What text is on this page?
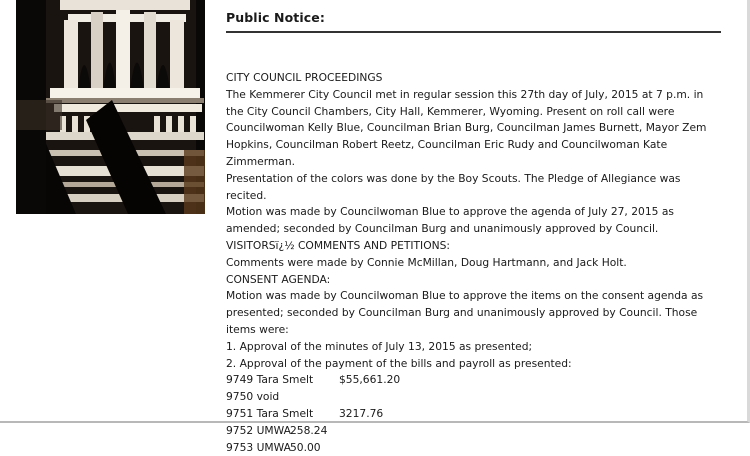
Public Notice:

CITY COUNCIL PROCEEDINGS

The Kemmerer City Council met in regular session this 27th day of July, 2015 at 7 p.m. in the City Council Chambers, City Hall, Kemmerer, Wyoming. Present on roll call were Councilwoman Kelly Blue, Councilman Brian Burg, Councilman James Burnett, Mayor Zem Hopkins, Councilman Robert Reetz, Councilman Eric Rudy and Councilwoman Kate Zimmerman.

Presentation of the colors was done by the Boy Scouts. The Pledge of Allegiance was recited.

Motion was made by Councilwoman Blue to approve the agenda of July 27, 2015 as amended; seconded by Councilman Burg and unanimously approved by Council.

VISITORSï¿½ COMMENTS AND PETITIONS:

Comments were made by Connie McMillan, Doug Hartmann, and Jack Holt.

CONSENT AGENDA:

Motion was made by Councilwoman Blue to approve the items on the consent agenda as presented; seconded by Councilman Burg and unanimously approved by Council. Those items were:

1. Approval of the minutes of July 13, 2015 as presented;

2. Approval of the payment of the bills and payroll as presented:

9749 Tara Smelt	$55,661.20
9750 void
9751 Tara Smelt	3217.76
9752 UMWA 258.24
9753 UMWA 50.00
